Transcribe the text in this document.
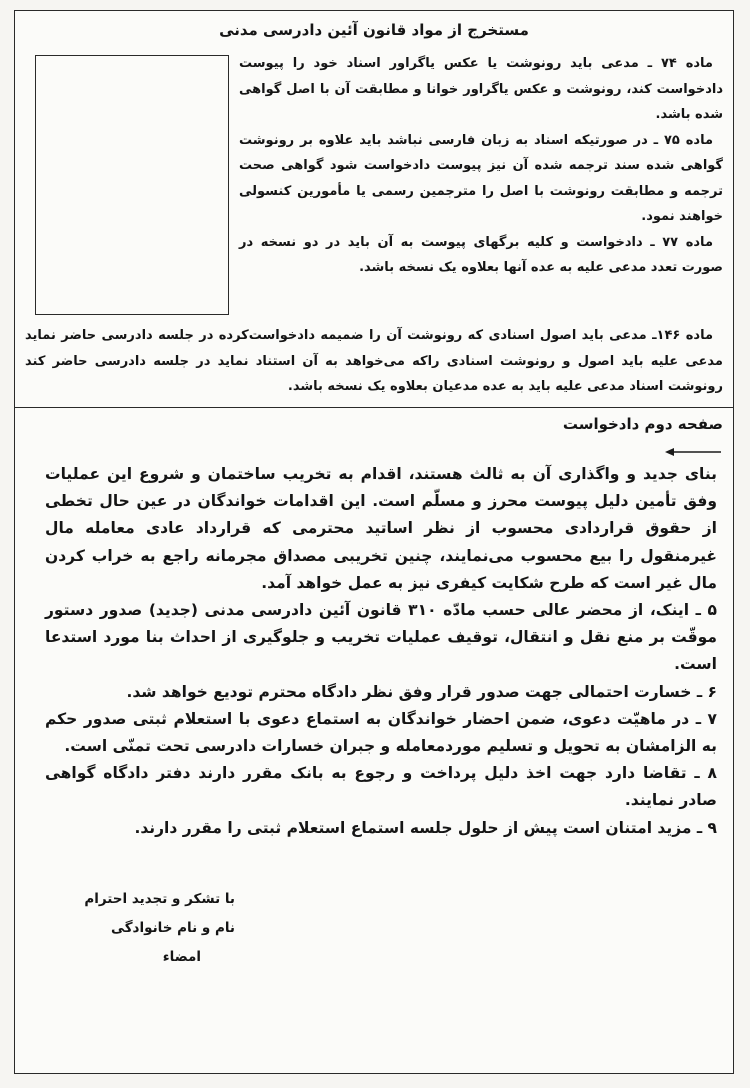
مستخرج از مواد قانون آئین دادرسی مدنی

ماده ۷۴ ـ مدعی باید رونوشت یا عکس یاگراور اسناد خود را پیوست دادخواست کند، رونوشت و عکس یاگراور خوانا و مطابقت آن با اصل گواهی شده باشد.

ماده ۷۵ ـ در صورتیکه اسناد به زبان فارسی نباشد باید علاوه بر رونوشت گواهی شده سند ترجمه شده آن نیز پیوست دادخواست شود گواهی صحت ترجمه و مطابقت رونوشت با اصل را مترجمین رسمی یا مأمورین کنسولی خواهند نمود.

ماده ۷۷ ـ دادخواست و کلیه برگهای پیوست به آن باید در دو نسخه در صورت تعدد مدعی علیه به عده آنها بعلاوه یک نسخه باشد.

ماده ۱۴۶ـ مدعی باید اصول اسنادی که رونوشت آن را ضمیمه دادخواست‌کرده در جلسه دادرسی حاضر نماید مدعی علیه باید اصول و رونوشت اسنادی راکه می‌خواهد به آن استناد نماید در جلسه دادرسی حاضر کند رونوشت اسناد مدعی علیه باید به عده مدعیان بعلاوه یک نسخه باشد.

صفحه دوم دادخواست

بنای جدید و واگذاری آن به ثالث هستند، اقدام به تخریب ساختمان و شروع این عملیات وفق تأمین دلیل پیوست محرز و مسلّم است. این اقدامات خواندگان در عین حال تخطی از حقوق قراردادی محسوب از نظر اساتید محترمی که قرارداد عادی معامله مال غیرمنقول را بیع محسوب می‌نمایند، چنین تخریبی مصداق مجرمانه راجع به خراب کردن مال غیر است که طرح شکایت کیفری نیز به عمل خواهد آمد.

۵ ـ اینک، از محضر عالی حسب مادّه ۳۱۰ قانون آئین دادرسی مدنی (جدید) صدور دستور موقّت بر منع نقل و انتقال، توقیف عملیات تخریب و جلوگیری از احداث بنا مورد استدعا است.

۶ ـ خسارت احتمالی جهت صدور قرار وفق نظر دادگاه محترم تودیع خواهد شد.

۷ ـ در ماهیّت دعوی، ضمن احضار خواندگان به استماع دعوی با استعلام ثبتی صدور حکم به الزامشان به تحویل و تسلیم موردمعامله و جبران خسارات دادرسی تحت تمنّی است.

۸ ـ تقاضا دارد جهت اخذ دلیل پرداخت و رجوع به بانک مقرر دارند دفتر دادگاه گواهی صادر نمایند.

۹ ـ مزید امتنان است پیش از حلول جلسه استماع استعلام ثبتی را مقرر دارند.

با تشکر و تجدید احترام
نام و نام خانوادگی
امضاء
